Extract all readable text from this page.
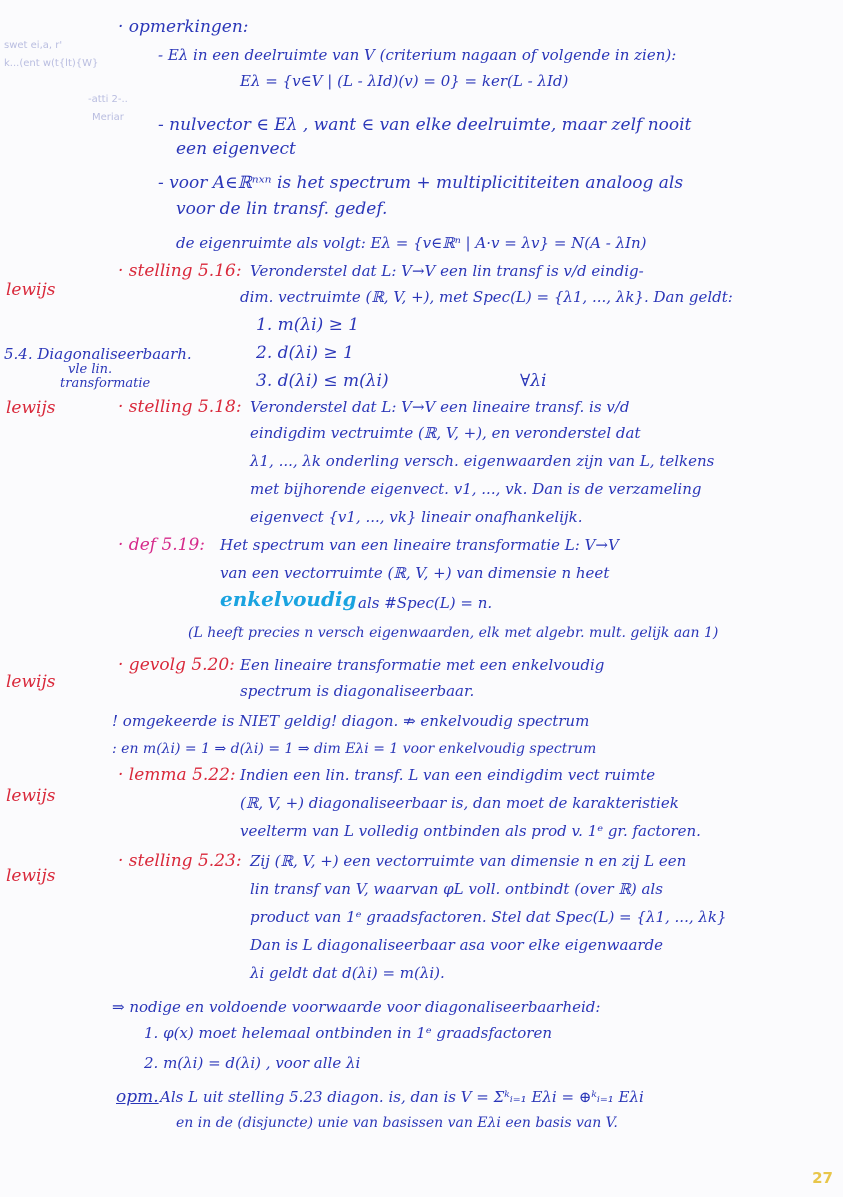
swet ei,a, r'
k...(ent w(t{lt){W}
-atti 2-..
Meriar
lewijs
5.4. Diagonaliseerbaarh.
vle lin.
transformatie
lewijs
lewijs
lewijs
lewijs
· opmerkingen:
- Eλ in een deelruimte van V (criterium nagaan of volgende in zien):
Eλ = {v∈V | (L - λId)(v) = 0} = ker(L - λId)
- nulvector ∈ Eλ , want ∈ van elke deelruimte, maar zelf nooit
een eigenvect
- voor A∈ℝⁿˣⁿ is het spectrum + multiplicititeiten analoog als
voor de lin transf. gedef.
de eigenruimte als volgt: Eλ = {v∈ℝⁿ | A·v = λv} = N(A - λIn)
· stelling 5.16: Veronderstel dat L: V→V een lin transf is v/d eindig-
dim. vectruimte (ℝ, V, +), met Spec(L) = {λ1, ..., λk}. Dan geldt:
1. m(λi) ≥ 1
2. d(λi) ≥ 1
3. d(λi) ≤ m(λi)	∀λi
· stelling 5.18: Veronderstel dat L: V→V een lineaire transf. is v/d
eindigdim vectruimte (ℝ, V, +), en veronderstel dat
λ1, ..., λk onderling versch. eigenwaarden zijn van L, telkens
met bijhorende eigenvect. v1, ..., vk. Dan is de verzameling
eigenvect {v1, ..., vk} lineair onafhankelijk.
· def 5.19: Het spectrum van een lineaire transformatie L: V→V
van een vectorruimte (ℝ, V, +) van dimensie n heet
enkelvoudig als #Spec(L) = n.
(L heeft precies n versch eigenwaarden, elk met algebr. mult. gelijk aan 1)
· gevolg 5.20: Een lineaire transformatie met een enkelvoudig
spectrum is diagonaliseerbaar.
! omgekeerde is NIET geldig! diagon. ⇏ enkelvoudig spectrum
: en m(λi) = 1 ⇒ d(λi) = 1 ⇒ dim Eλi = 1 voor enkelvoudig spectrum
· lemma 5.22: Indien een lin. transf. L van een eindigdim vect ruimte
(ℝ, V, +) diagonaliseerbaar is, dan moet de karakteristiek
veelterm van L volledig ontbinden als prod v. 1ᵉ gr. factoren.
· stelling 5.23: Zij (ℝ, V, +) een vectorruimte van dimensie n en zij L een
lin transf van V, waarvan φL voll. ontbindt (over ℝ) als
product van 1ᵉ graadsfactoren. Stel dat Spec(L) = {λ1, ..., λk}
Dan is L diagonaliseerbaar asa voor elke eigenwaarde
λi geldt dat d(λi) = m(λi).
⇒ nodige en voldoende voorwaarde voor diagonaliseerbaarheid:
1. φ(x) moet helemaal ontbinden in 1ᵉ graadsfactoren
2. m(λi) = d(λi) , voor alle λi
opm. Als L uit stelling 5.23 diagon. is, dan is V = Σᵏᵢ₌₁ Eλi = ⊕ᵏᵢ₌₁ Eλi
en in de (disjuncte) unie van basissen van Eλi een basis van V.
27
